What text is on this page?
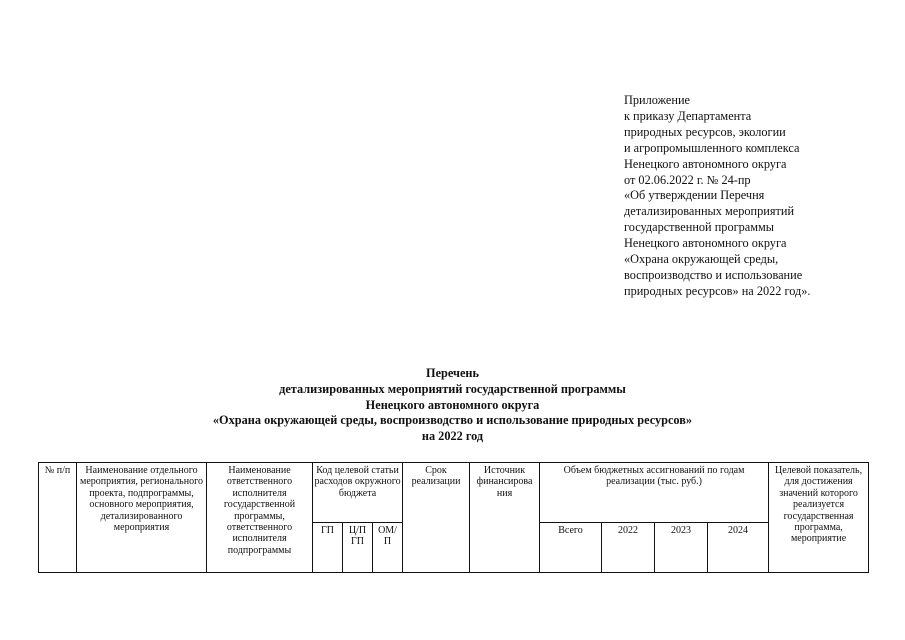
Приложение
к приказу Департамента
природных ресурсов, экологии
и агропромышленного комплекса
Ненецкого автономного округа
от 02.06.2022 г. № 24-пр
«Об утверждении Перечня
детализированных мероприятий
государственной программы
Ненецкого автономного округа
«Охрана окружающей среды,
воспроизводство и использование
природных ресурсов» на 2022 год».
Перечень
детализированных мероприятий государственной программы
Ненецкого автономного округа
«Охрана окружающей среды, воспроизводство и использование природных ресурсов»
на 2022 год
№ п/п	Наименование отдельного мероприятия, регионального проекта, подпрограммы, основного мероприятия, детализированного мероприятия	Наименование ответственного исполнителя государственной программы, ответственного исполнителя подпрограммы	Код целевой статьи расходов окружного бюджета			Срок реализации	Источник финансирова ния	Объем бюджетных ассигнований по годам реализации (тыс. руб.)				Целевой показатель, для достижения значений которого реализуется государственная программа, мероприятие
			ГП	Ц/П ГП	ОМ/ П			Всего	2022	2023	2024	
